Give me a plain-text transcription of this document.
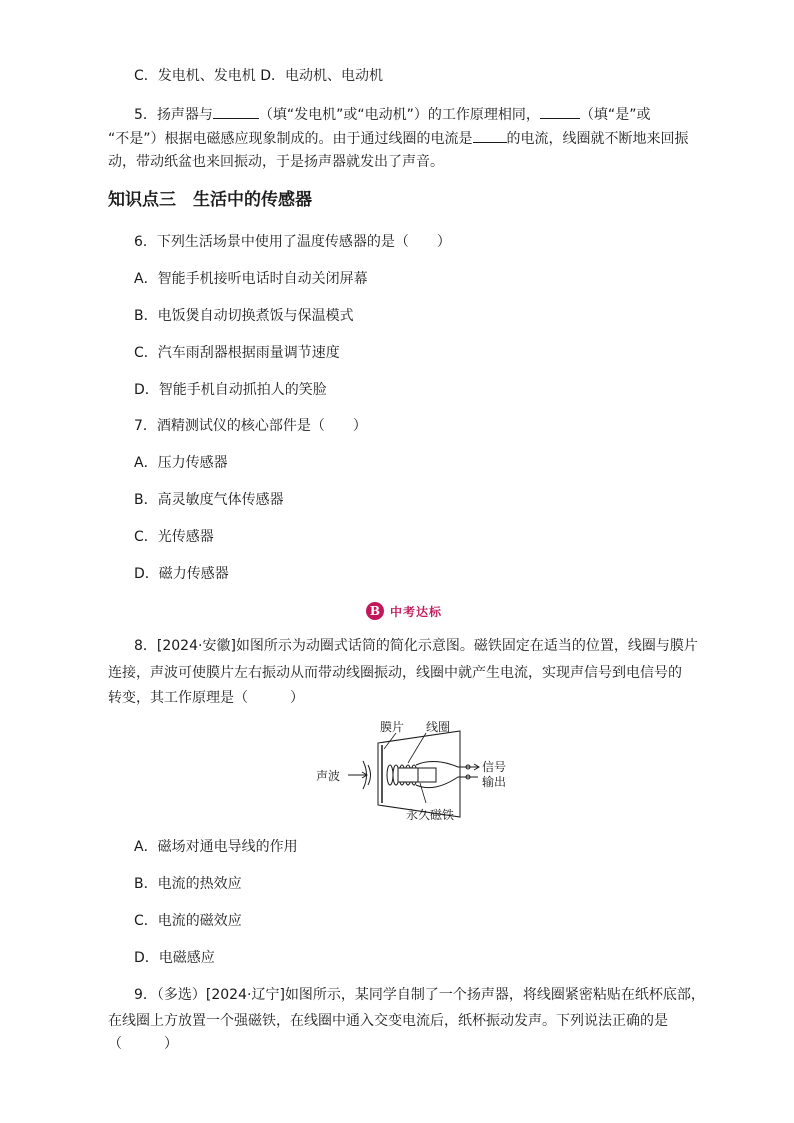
C．发电机、发电机 D．电动机、电动机
5．扬声器与	（填“发电机”或“电动机”）的工作原理相同，	（填“是”或
“不是”）根据电磁感应现象制成的。由于通过线圈的电流是 的电流，线圈就不断地来回振
动，带动纸盆也来回振动，于是扬声器就发出了声音。
知识点三　生活中的传感器
6．下列生活场景中使用了温度传感器的是（　　）
A．智能手机接听电话时自动关闭屏幕
B．电饭煲自动切换煮饭与保温模式
C．汽车雨刮器根据雨量调节速度
D．智能手机自动抓拍人的笑脸
7．酒精测试仪的核心部件是（　　）
A．压力传感器
B．高灵敏度气体传感器
C．光传感器
D．磁力传感器
B 中考达标
8．[2024·安徽]如图所示为动圈式话筒的简化示意图。磁铁固定在适当的位置，线圈与膜片
连接，声波可使膜片左右振动从而带动线圈振动，线圈中就产生电流，实现声信号到电信号的
转变，其工作原理是（　　　）
膜片 线圈
声波
信号
输出
永久磁铁
A．磁场对通电导线的作用
B．电流的热效应
C．电流的磁效应
D．电磁感应
9．（多选）[2024·辽宁]如图所示，某同学自制了一个扬声器，将线圈紧密粘贴在纸杯底部，
在线圈上方放置一个强磁铁，在线圈中通入交变电流后，纸杯振动发声。下列说法正确的是
（　　　）
